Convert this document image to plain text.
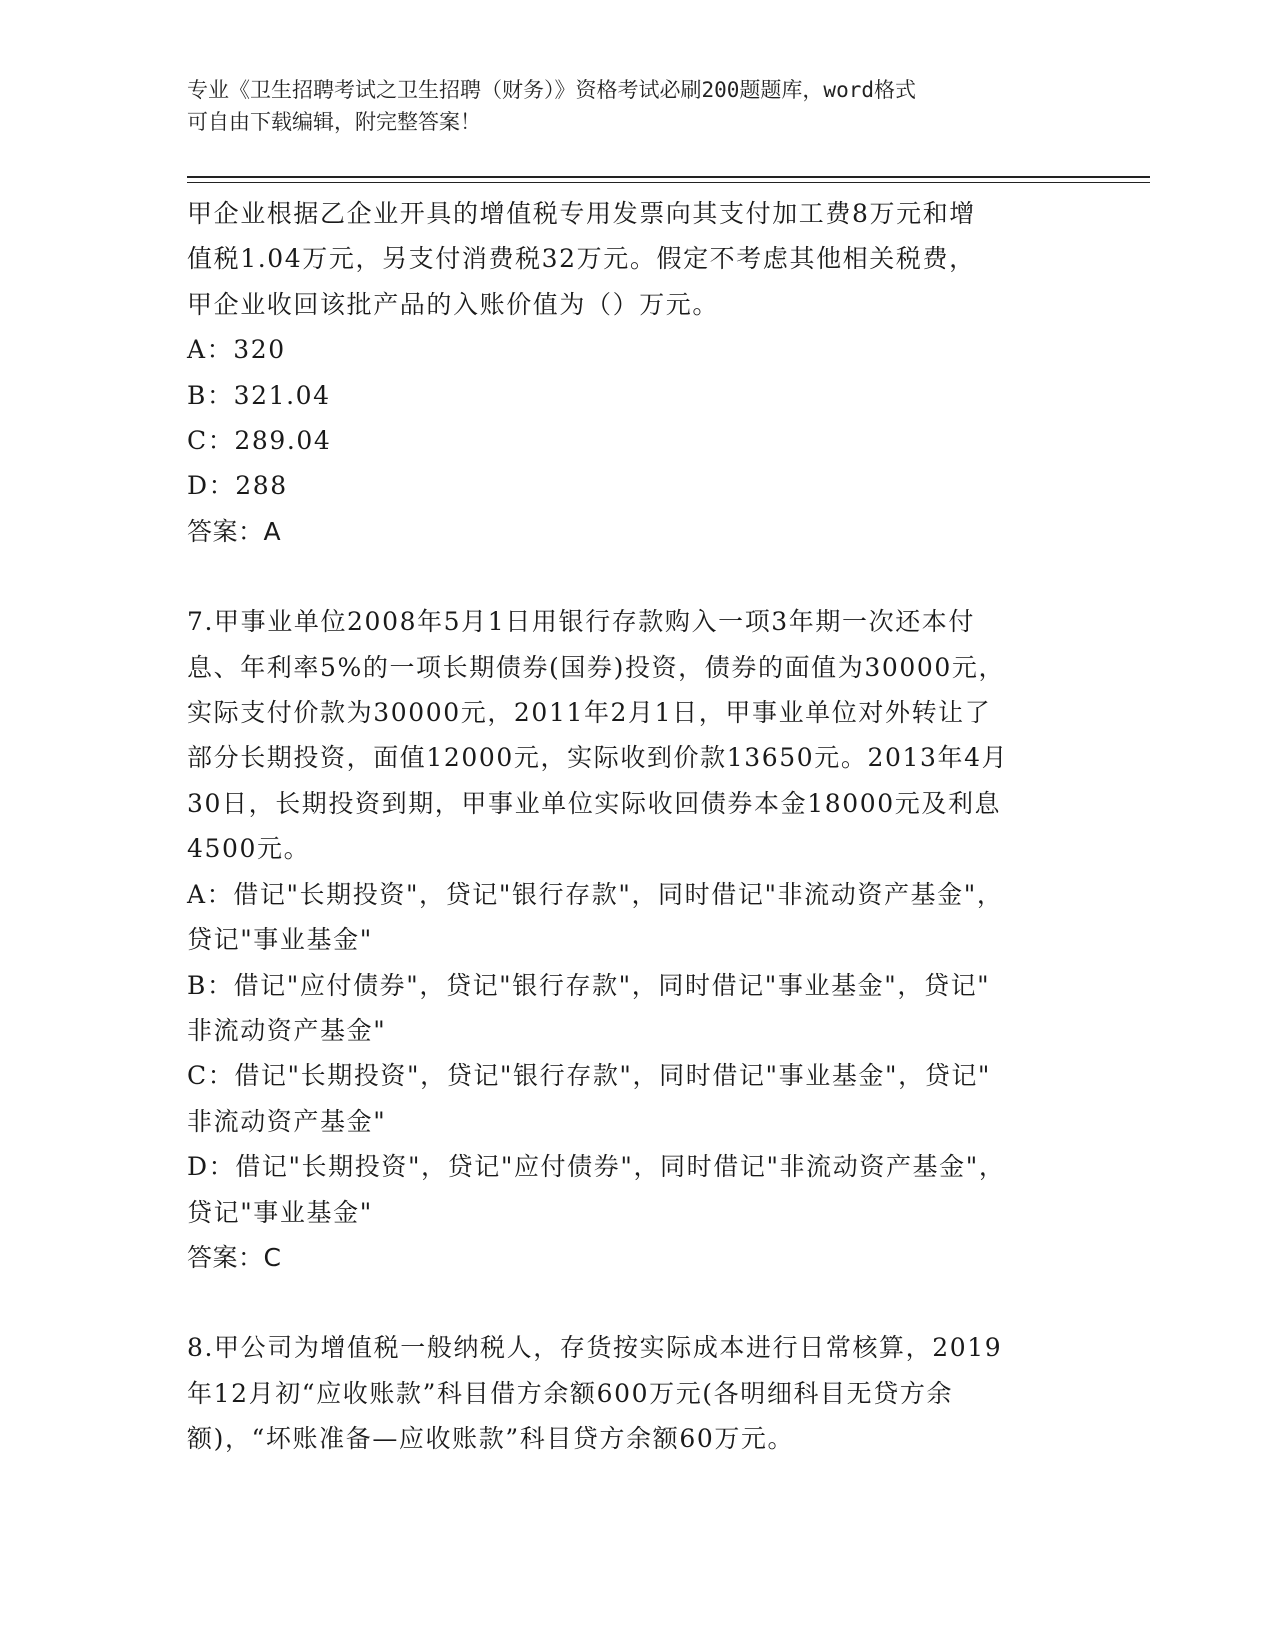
专业《卫生招聘考试之卫生招聘（财务）》资格考试必刷200题题库，word格式
可自由下载编辑，附完整答案！

甲企业根据乙企业开具的增值税专用发票向其支付加工费8万元和增

值税1.04万元，另支付消费税32万元。假定不考虑其他相关税费，

甲企业收回该批产品的入账价值为（）万元。

A：320

B：321.04

C：289.04

D：288

答案：A

7.甲事业单位2008年5月1日用银行存款购入一项3年期一次还本付

息、年利率5%的一项长期债券(国券)投资，债券的面值为30000元，

实际支付价款为30000元，2011年2月1日，甲事业单位对外转让了

部分长期投资，面值12000元，实际收到价款13650元。2013年4月

30日，长期投资到期，甲事业单位实际收回债券本金18000元及利息

4500元。

A：借记"长期投资"，贷记"银行存款"，同时借记"非流动资产基金"，

贷记"事业基金"

B：借记"应付债券"，贷记"银行存款"，同时借记"事业基金"，贷记"

非流动资产基金"

C：借记"长期投资"，贷记"银行存款"，同时借记"事业基金"，贷记"

非流动资产基金"

D：借记"长期投资"，贷记"应付债券"，同时借记"非流动资产基金"，

贷记"事业基金"

答案：C

8.甲公司为增值税一般纳税人，存货按实际成本进行日常核算，2019

年12月初“应收账款”科目借方余额600万元(各明细科目无贷方余

额)，“坏账准备—应收账款”科目贷方余额60万元。
